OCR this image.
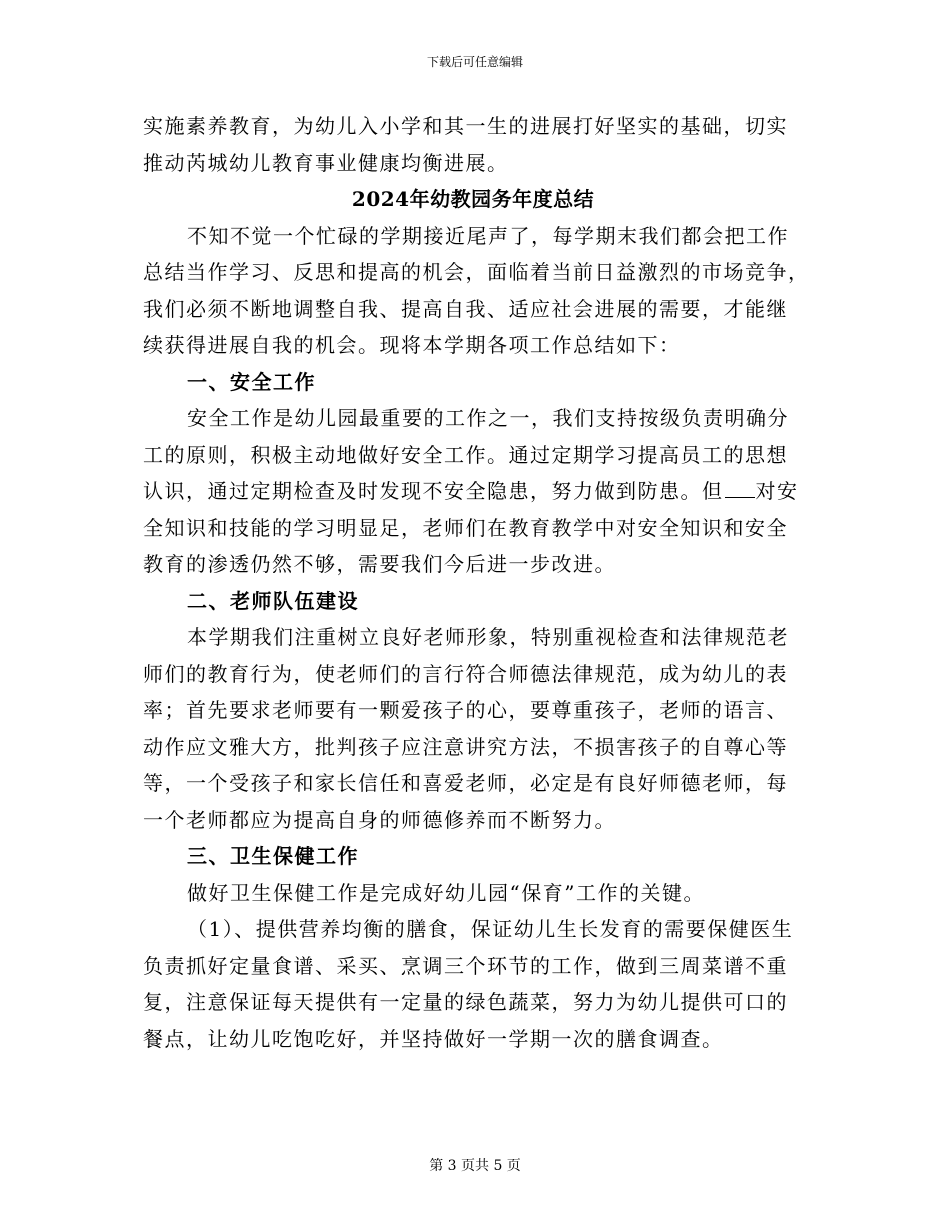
下载后可任意编辑
实施素养教育，为幼儿入小学和其一生的进展打好坚实的基础，切实
推动芮城幼儿教育事业健康均衡进展。
2024年幼教园务年度总结
不知不觉一个忙碌的学期接近尾声了，每学期末我们都会把工作
总结当作学习、反思和提高的机会，面临着当前日益激烈的市场竞争，
我们必须不断地调整自我、提高自我、适应社会进展的需要，才能继
续获得进展自我的机会。现将本学期各项工作总结如下：
一、安全工作
安全工作是幼儿园最重要的工作之一，我们支持按级负责明确分
工的原则，积极主动地做好安全工作。通过定期学习提高员工的思想
认识，通过定期检查及时发现不安全隐患，努力做到防患。但 对安
全知识和技能的学习明显足，老师们在教育教学中对安全知识和安全
教育的渗透仍然不够，需要我们今后进一步改进。
二、老师队伍建设
本学期我们注重树立良好老师形象，特别重视检查和法律规范老
师们的教育行为，使老师们的言行符合师德法律规范，成为幼儿的表
率；首先要求老师要有一颗爱孩子的心，要尊重孩子，老师的语言、
动作应文雅大方，批判孩子应注意讲究方法，不损害孩子的自尊心等
等，一个受孩子和家长信任和喜爱老师，必定是有良好师德老师，每
一个老师都应为提高自身的师德修养而不断努力。
三、卫生保健工作
做好卫生保健工作是完成好幼儿园“保育”工作的关键。
（1）、提供营养均衡的膳食，保证幼儿生长发育的需要保健医生
负责抓好定量食谱、采买、烹调三个环节的工作，做到三周菜谱不重
复，注意保证每天提供有一定量的绿色蔬菜，努力为幼儿提供可口的
餐点，让幼儿吃饱吃好，并坚持做好一学期一次的膳食调查。
第 3 页共 5 页
